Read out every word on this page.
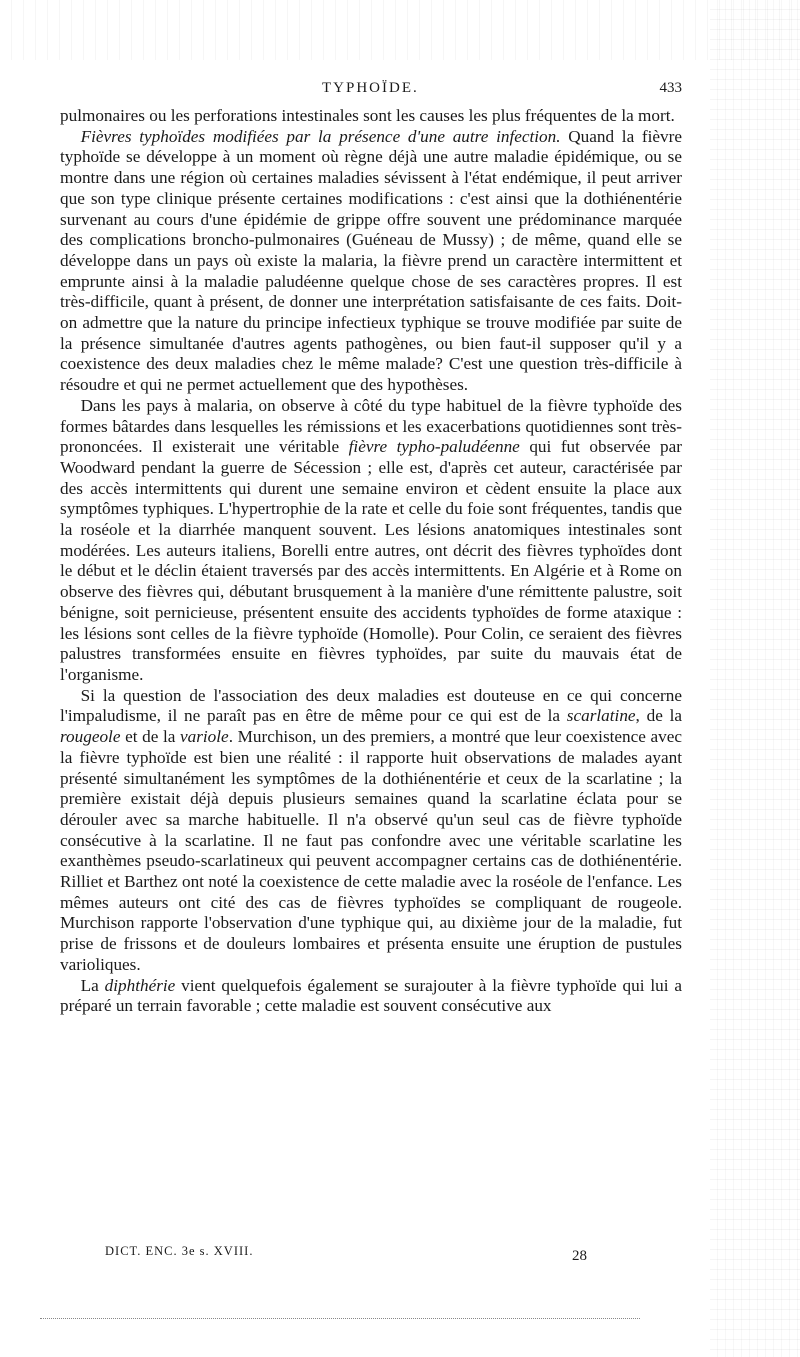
TYPHOÏDE.	433

pulmonaires ou les perforations intestinales sont les causes les plus fréquentes de la mort.

Fièvres typhoïdes modifiées par la présence d'une autre infection. Quand la fièvre typhoïde se développe à un moment où règne déjà une autre maladie épidémique, ou se montre dans une région où certaines maladies sévissent à l'état endémique, il peut arriver que son type clinique présente certaines modifications : c'est ainsi que la dothiénentérie survenant au cours d'une épidémie de grippe offre souvent une prédominance marquée des complications broncho-pulmonaires (Guéneau de Mussy) ; de même, quand elle se développe dans un pays où existe la malaria, la fièvre prend un caractère intermittent et emprunte ainsi à la maladie paludéenne quelque chose de ses caractères propres. Il est très-difficile, quant à présent, de donner une interprétation satisfaisante de ces faits. Doit-on admettre que la nature du principe infectieux typhique se trouve modifiée par suite de la présence simultanée d'autres agents pathogènes, ou bien faut-il supposer qu'il y a coexistence des deux maladies chez le même malade? C'est une question très-difficile à résoudre et qui ne permet actuellement que des hypothèses.

Dans les pays à malaria, on observe à côté du type habituel de la fièvre typhoïde des formes bâtardes dans lesquelles les rémissions et les exacerbations quotidiennes sont très-prononcées. Il existerait une véritable fièvre typho-paludéenne qui fut observée par Woodward pendant la guerre de Sécession ; elle est, d'après cet auteur, caractérisée par des accès intermittents qui durent une semaine environ et cèdent ensuite la place aux symptômes typhiques. L'hypertrophie de la rate et celle du foie sont fréquentes, tandis que la roséole et la diarrhée manquent souvent. Les lésions anatomiques intestinales sont modérées. Les auteurs italiens, Borelli entre autres, ont décrit des fièvres typhoïdes dont le début et le déclin étaient traversés par des accès intermittents. En Algérie et à Rome on observe des fièvres qui, débutant brusquement à la manière d'une rémittente palustre, soit bénigne, soit pernicieuse, présentent ensuite des accidents typhoïdes de forme ataxique : les lésions sont celles de la fièvre typhoïde (Homolle). Pour Colin, ce seraient des fièvres palustres transformées ensuite en fièvres typhoïdes, par suite du mauvais état de l'organisme.

Si la question de l'association des deux maladies est douteuse en ce qui concerne l'impaludisme, il ne paraît pas en être de même pour ce qui est de la scarlatine, de la rougeole et de la variole. Murchison, un des premiers, a montré que leur coexistence avec la fièvre typhoïde est bien une réalité : il rapporte huit observations de malades ayant présenté simultanément les symptômes de la dothiénentérie et ceux de la scarlatine ; la première existait déjà depuis plusieurs semaines quand la scarlatine éclata pour se dérouler avec sa marche habituelle. Il n'a observé qu'un seul cas de fièvre typhoïde consécutive à la scarlatine. Il ne faut pas confondre avec une véritable scarlatine les exanthèmes pseudo-scarlatineux qui peuvent accompagner certains cas de dothiénentérie. Rilliet et Barthez ont noté la coexistence de cette maladie avec la roséole de l'enfance. Les mêmes auteurs ont cité des cas de fièvres typhoïdes se compliquant de rougeole. Murchison rapporte l'observation d'une typhique qui, au dixième jour de la maladie, fut prise de frissons et de douleurs lombaires et présenta ensuite une éruption de pustules varioliques.

La diphthérie vient quelquefois également se surajouter à la fièvre typhoïde qui lui a préparé un terrain favorable ; cette maladie est souvent consécutive aux

DICT. ENC. 3e s. XVIII.	28
